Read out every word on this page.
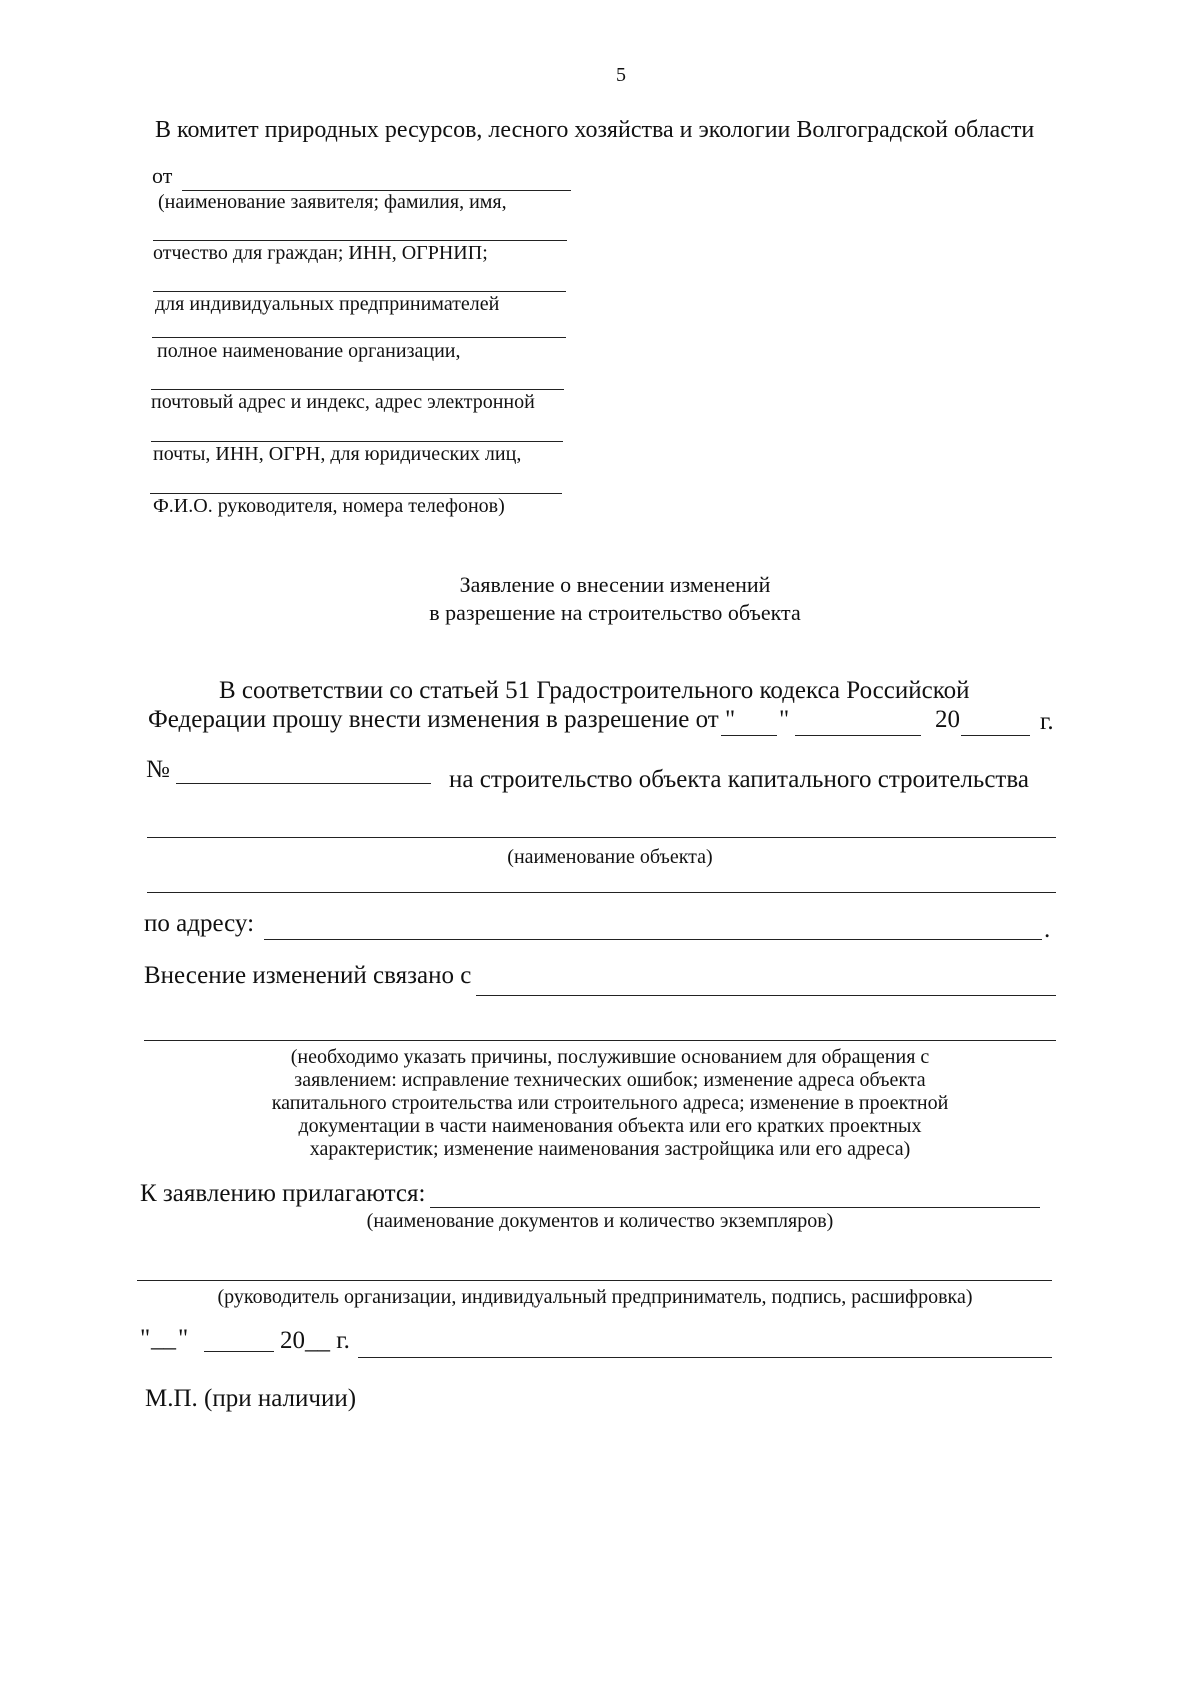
5
В комитет природных ресурсов, лесного хозяйства и экологии Волгоградской области
от
(наименование заявителя; фамилия, имя,
отчество для граждан; ИНН, ОГРНИП;
для индивидуальных предпринимателей
полное наименование организации,
почтовый адрес и индекс, адрес электронной
почты, ИНН, ОГРН, для юридических лиц,
Ф.И.О. руководителя, номера телефонов)
Заявление о внесении изменений
в разрешение на строительство объекта
В соответствии со статьей 51 Градостроительного кодекса Российской
Федерации прошу внести изменения в разрешение от " "	20	г.
№	на строительство объекта капитального строительства
(наименование объекта)
по адресу:	.
Внесение изменений связано с
(необходимо указать причины, послужившие основанием для обращения с заявлением: исправление технических ошибок; изменение адреса объекта капитального строительства или строительного адреса; изменение в проектной документации в части наименования объекта или его кратких проектных характеристик; изменение наименования застройщика или его адреса)
К заявлению прилагаются:
(наименование документов и количество экземпляров)
(руководитель организации, индивидуальный предприниматель, подпись, расшифровка)
" __ "	20__ г.
М.П. (при наличии)
